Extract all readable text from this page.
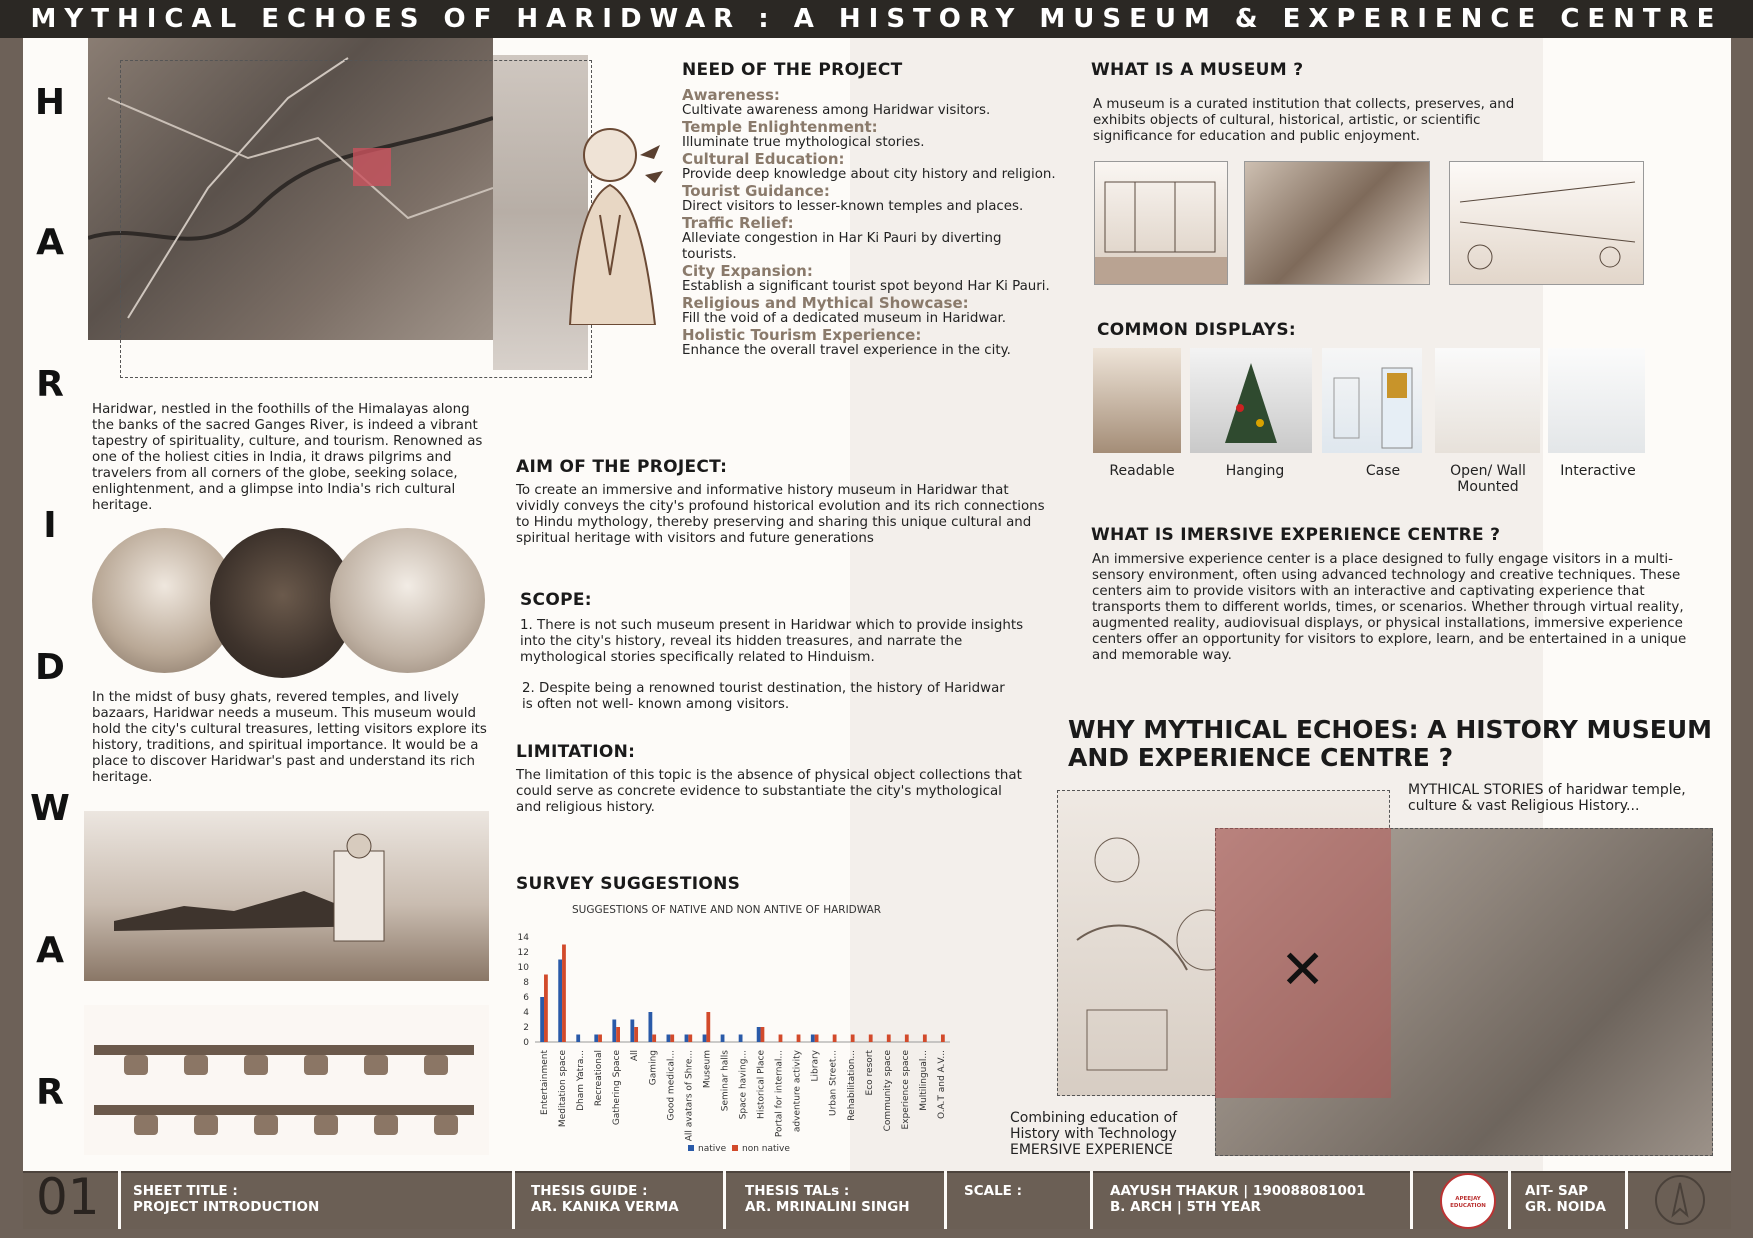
MYTHICAL ECHOES OF HARIDWAR : A HISTORY MUSEUM & EXPERIENCE CENTRE
H
A
R
I
D
W
A
R
Haridwar, nestled in the foothills of the Himalayas along the banks of the sacred Ganges River, is indeed a vibrant tapestry of spirituality, culture, and tourism. Renowned as one of the holiest cities in India, it draws pilgrims and travelers from all corners of the globe, seeking solace, enlightenment, and a glimpse into India's rich cultural heritage.
In the midst of busy ghats, revered temples, and lively bazaars, Haridwar needs a museum. This museum would hold the city's cultural treasures, letting visitors explore its history, traditions, and spiritual importance. It would be a place to discover Haridwar's past and understand its rich heritage.
NEED OF THE PROJECT
Awareness:
Cultivate awareness among Haridwar visitors.
Temple Enlightenment:
Illuminate true mythological stories.
Cultural Education:
Provide deep knowledge about city history and religion.
Tourist Guidance:
Direct visitors to lesser-known temples and places.
Traffic Relief:
Alleviate congestion in Har Ki Pauri by diverting tourists.
City Expansion:
Establish a significant tourist spot beyond Har Ki Pauri.
Religious and Mythical Showcase:
Fill the void of a dedicated museum in Haridwar.
Holistic Tourism Experience:
Enhance the overall travel experience in the city.
AIM OF THE PROJECT:
To create an immersive and informative history museum in Haridwar that vividly conveys the city's profound historical evolution and its rich connections to Hindu mythology, thereby preserving and sharing this unique cultural and spiritual heritage with visitors and future generations
SCOPE:
1. There is not such museum present in Haridwar which to provide insights into the city's history, reveal its hidden treasures, and narrate the mythological stories specifically related to Hinduism.
2. Despite being a renowned tourist destination, the history of Haridwar is often not well- known among visitors.
LIMITATION:
The limitation of this topic is the absence of physical object collections that could serve as concrete evidence to substantiate the city's mythological and religious history.
SURVEY SUGGESTIONS
SUGGESTIONS OF NATIVE AND NON ANTIVE OF HARIDWAR
14
12
10
8
6
4
2
0
Entertainment Meditation space Dham Yatra... Recreational Gathering Space All Gaming Good medical... All avatars of Shre... Museum Seminar halls Space having... Historical Place Portal for internal... adventure activity Library Urban Street... Rehabilitation... Eco resort Community space Experience space Multilingual... O.A.T and A.V...
native non native
WHAT IS A MUSEUM ?
A museum is a curated institution that collects, preserves, and exhibits objects of cultural, historical, artistic, or scientific significance for education and public enjoyment.
COMMON DISPLAYS:
Readable	Hanging	Case	Open/ Wall Mounted
Interactive
WHAT IS IMERSIVE EXPERIENCE CENTRE ?
An immersive experience center is a place designed to fully engage visitors in a multi-sensory environment, often using advanced technology and creative techniques. These centers aim to provide visitors with an interactive and captivating experience that transports them to different worlds, times, or scenarios. Whether through virtual reality, augmented reality, audiovisual displays, or physical installations, immersive experience centers offer an opportunity for visitors to explore, learn, and be entertained in a unique and memorable way.
WHY MYTHICAL ECHOES: A HISTORY MUSEUM AND EXPERIENCE CENTRE ?
MYTHICAL STORIES of haridwar temple, culture & vast Religious History...
✕
Combining education of History with Technology EMERSIVE EXPERIENCE
01 SHEET TITLE :
PROJECT INTRODUCTION
THESIS GUIDE :
AR. KANIKA VERMA
THESIS TALs :
AR. MRINALINI SINGH
SCALE :	AAYUSH THAKUR | 190088081001
B. ARCH | 5TH YEAR	APEEJAY EDUCATION
AIT- SAP
GR. NOIDA
